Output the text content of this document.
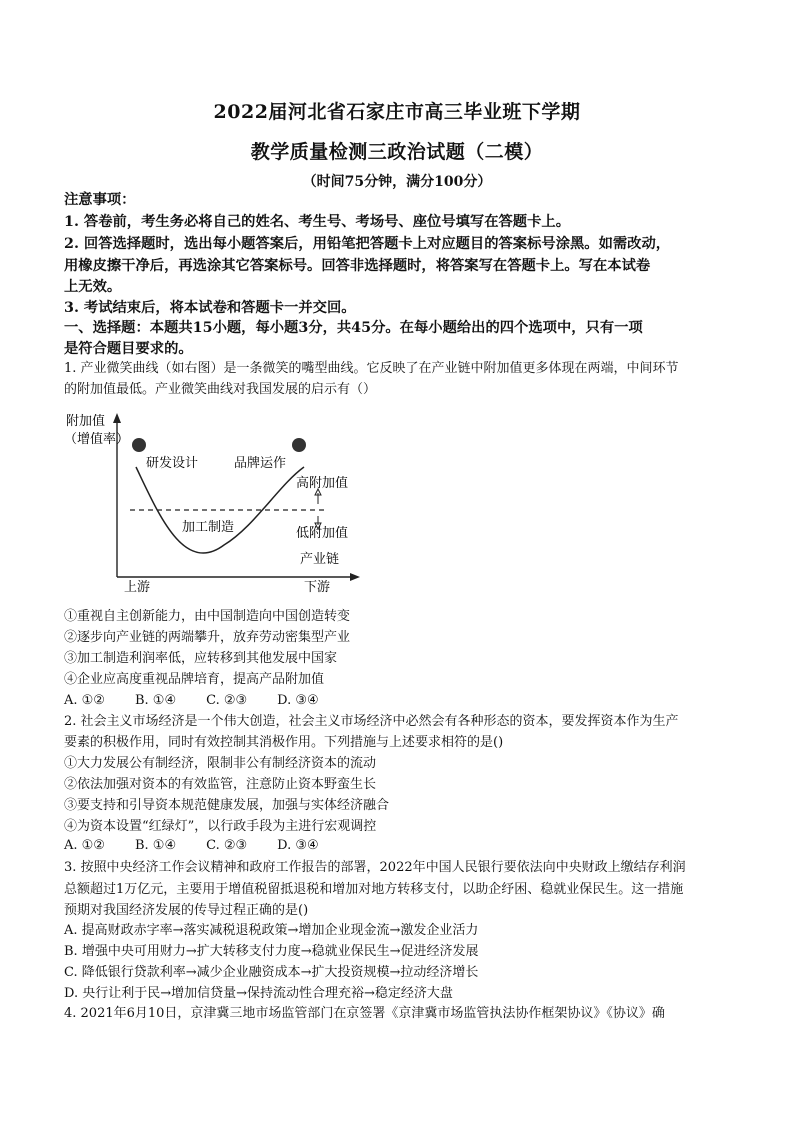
2022届河北省石家庄市高三毕业班下学期
教学质量检测三政治试题（二模）
（时间75分钟，满分100分）
注意事项：
1. 答卷前，考生务必将自己的姓名、考生号、考场号、座位号填写在答题卡上。
2. 回答选择题时，选出每小题答案后，用铅笔把答题卡上对应题目的答案标号涂黑。如需改动，
用橡皮擦干净后，再选涂其它答案标号。回答非选择题时，将答案写在答题卡上。写在本试卷
上无效。
3. 考试结束后，将本试卷和答题卡一并交回。
一、选择题：本题共15小题，每小题3分，共45分。在每小题给出的四个选项中，只有一项
是符合题目要求的。
1. 产业微笑曲线（如右图）是一条微笑的嘴型曲线。它反映了在产业链中附加值更多体现在两端，中间环节
的附加值最低。产业微笑曲线对我国发展的启示有（）
附加值
（增值率）
研发设计	品牌运作
高附加值
加工制造	低附加值
产业链
上游	下游
①重视自主创新能力，由中国制造向中国创造转变
②逐步向产业链的两端攀升，放弃劳动密集型产业
③加工制造利润率低，应转移到其他发展中国家
④企业应高度重视品牌培育，提高产品附加值
A. ①② B. ①④ C. ②③ D. ③④
2. 社会主义市场经济是一个伟大创造，社会主义市场经济中必然会有各种形态的资本，要发挥资本作为生产
要素的积极作用，同时有效控制其消极作用。下列措施与上述要求相符的是()
①大力发展公有制经济，限制非公有制经济资本的流动
②依法加强对资本的有效监管，注意防止资本野蛮生长
③要支持和引导资本规范健康发展，加强与实体经济融合
④为资本设置“红绿灯”，以行政手段为主进行宏观调控
A. ①② B. ①④ C. ②③ D. ③④
3. 按照中央经济工作会议精神和政府工作报告的部署，2022年中国人民银行要依法向中央财政上缴结存利润
总额超过1万亿元，主要用于增值税留抵退税和增加对地方转移支付，以助企纾困、稳就业保民生。这一措施
预期对我国经济发展的传导过程正确的是()
A. 提高财政赤字率→落实减税退税政策→增加企业现金流→激发企业活力
B. 增强中央可用财力→扩大转移支付力度→稳就业保民生→促进经济发展
C. 降低银行贷款利率→减少企业融资成本→扩大投资规模→拉动经济增长
D. 央行让利于民→增加信贷量→保持流动性合理充裕→稳定经济大盘
4. 2021年6月10日，京津冀三地市场监管部门在京签署《京津冀市场监管执法协作框架协议》《协议》确
